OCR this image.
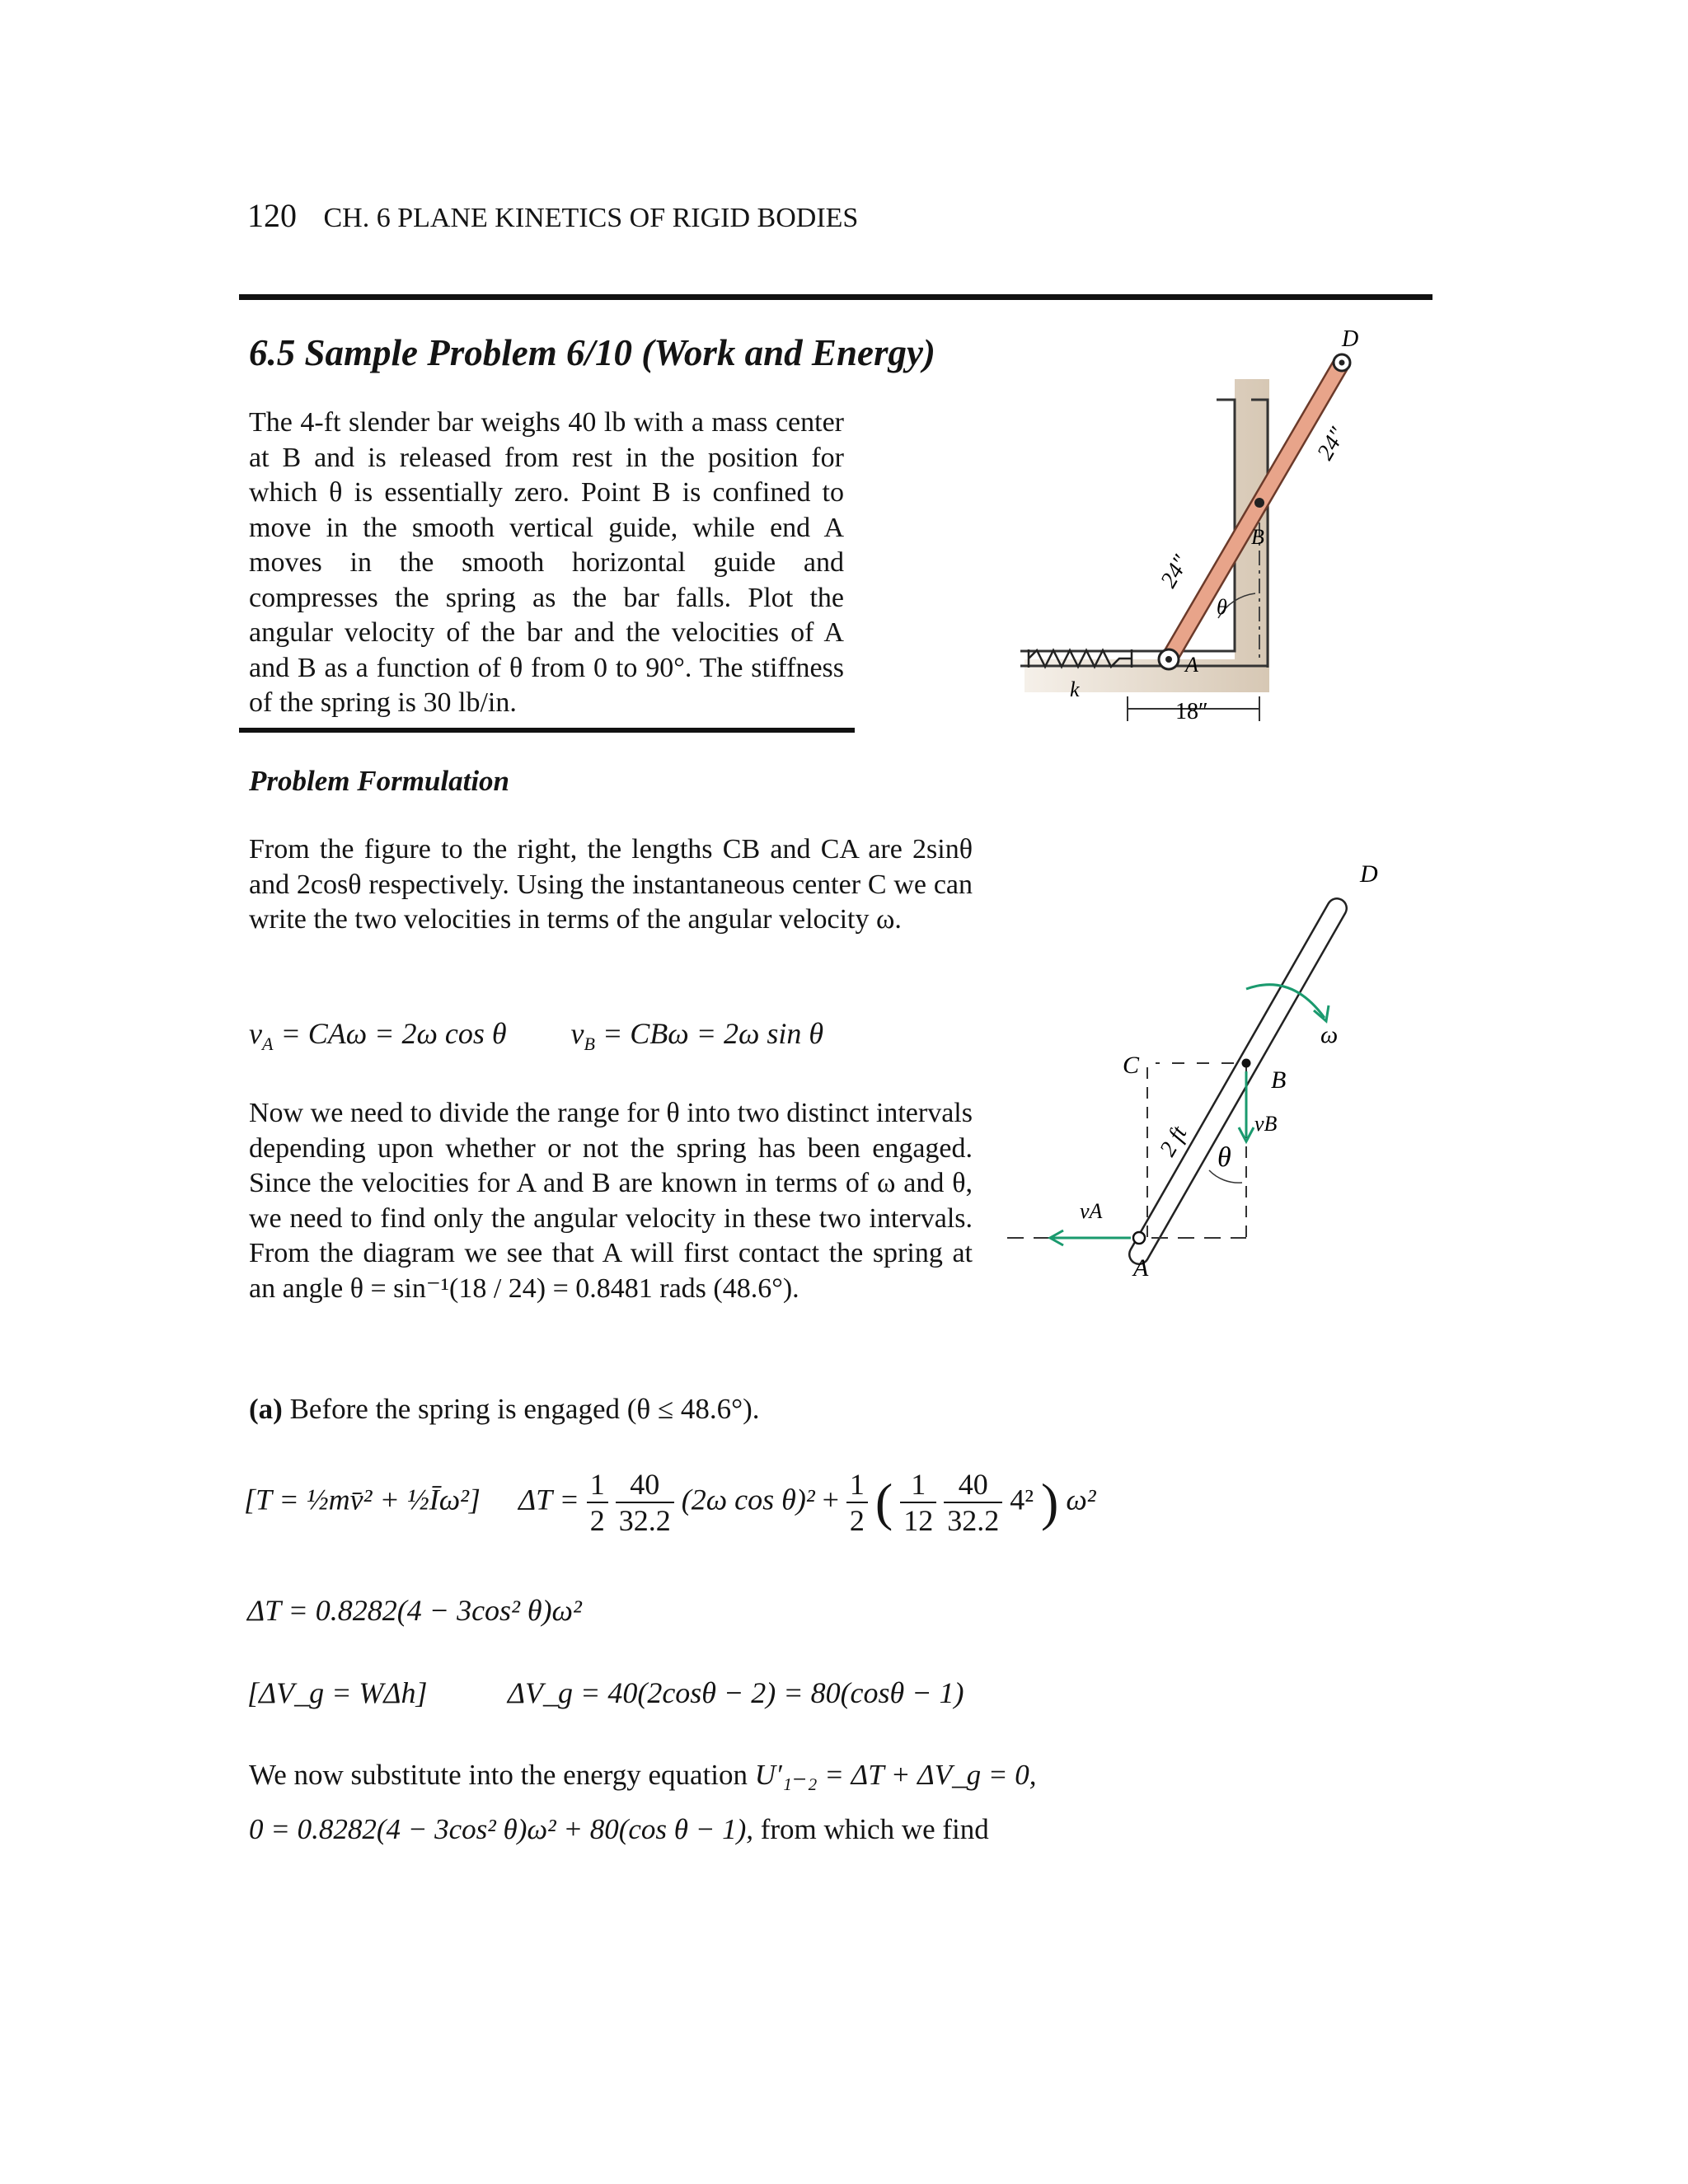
120 CH. 6 PLANE KINETICS OF RIGID BODIES
6.5 Sample Problem 6/10 (Work and Energy)
The 4-ft slender bar weighs 40 lb with a mass center at B and is released from rest in the position for which θ is essentially zero. Point B is confined to move in the smooth vertical guide, while end A moves in the smooth horizontal guide and compresses the spring as the bar falls. Plot the angular velocity of the bar and the velocities of A and B as a function of θ from 0 to 90°. The stiffness of the spring is 30 lb/in.
Problem Formulation
From the figure to the right, the lengths CB and CA are 2sinθ and 2cosθ respectively. Using the instantaneous center C we can write the two velocities in terms of the angular velocity ω.
$v_A = CA\omega = 2\omega$ cos θ $v_B = CB\omega = 2\omega$ sin θ
Now we need to divide the range for θ into two distinct intervals depending upon whether or not the spring has been engaged. Since the velocities for A and B are known in terms of ω and θ, we need to find only the angular velocity in these two intervals. From the diagram we see that A will first contact the spring at an angle θ = sin⁻¹(18 / 24) = 0.8481 rads (48.6°).
(a) Before the spring is engaged (θ ≤ 48.6°).
[T = ½mv̄² + ½Īω²] $\Delta T = \frac{1}{2}$
$\frac{40}{32.2} (2\omega$ $\cos \theta)^2 + \frac{1}{2}$ ( $\frac{1}{12}$
$\frac{40}{32.2} 4^2$ ) ω²
ΔT = 0.8282(4 − 3cos² θ)ω²
[ΔV_g = WΔh]	ΔV_g = 40(2cosθ − 2) = 80(cosθ − 1)
We now substitute into the energy equation U′₁₋₂ = ΔT + ΔV_g = 0,
0 = 0.8282(4 − 3cos² θ)ω² + 80(cos θ − 1), from which we find
D
B
A
θ
k
24″
24″
18″
D
B
A
C
θ
ω
2 ft	vB
vA
